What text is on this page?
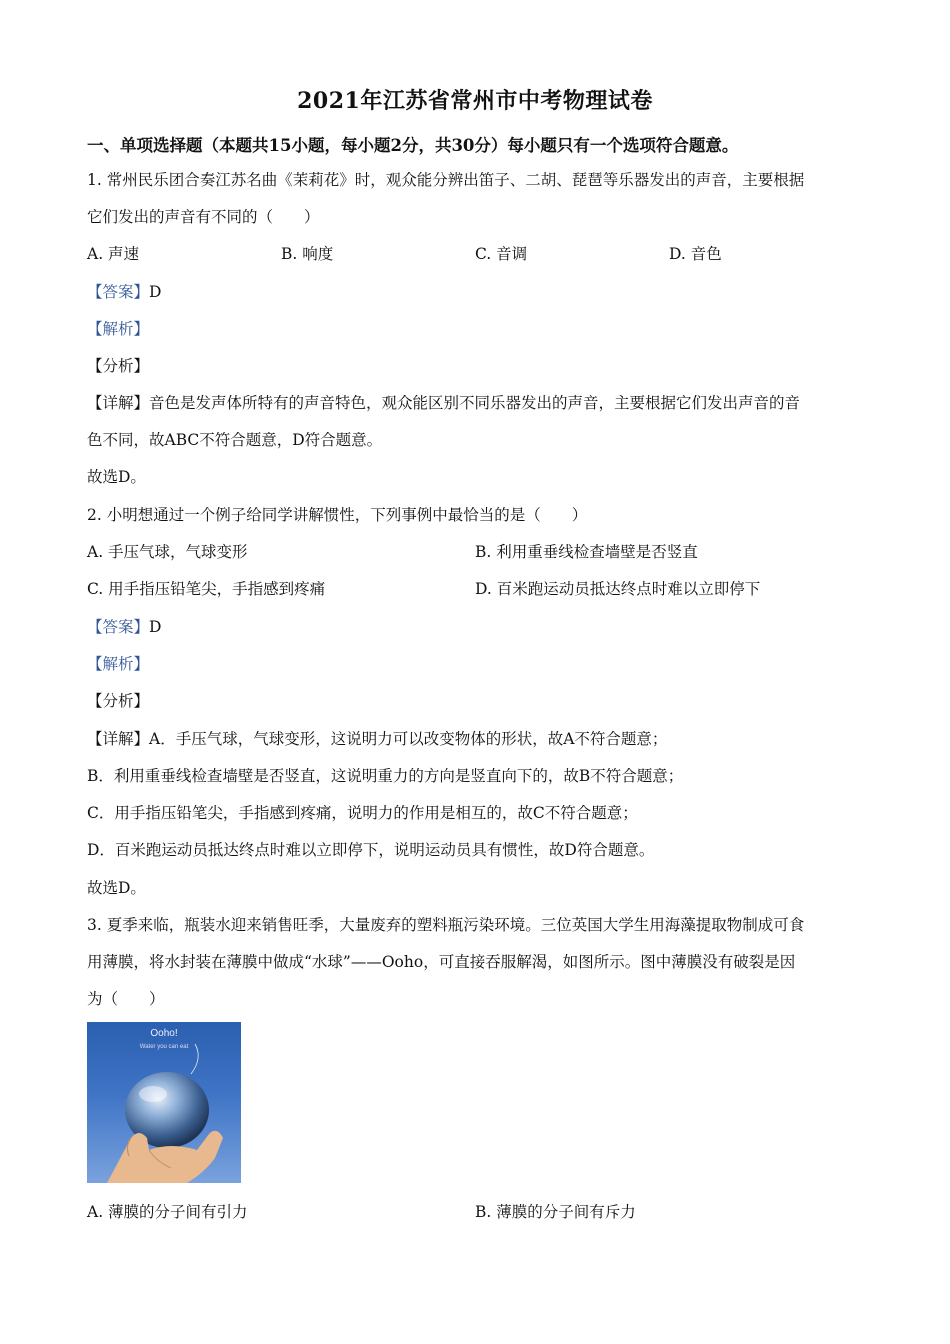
2021年江苏省常州市中考物理试卷
一、单项选择题（本题共15小题，每小题2分，共30分）每小题只有一个选项符合题意。
1. 常州民乐团合奏江苏名曲《茉莉花》时，观众能分辨出笛子、二胡、琵琶等乐器发出的声音，主要根据
它们发出的声音有不同的（　　）
A. 声速	B. 响度	C. 音调	D. 音色
【答案】D
【解析】
【分析】
【详解】音色是发声体所特有的声音特色，观众能区别不同乐器发出的声音，主要根据它们发出声音的音
色不同，故ABC不符合题意，D符合题意。
故选D。
2. 小明想通过一个例子给同学讲解惯性，下列事例中最恰当的是（　　）
A. 手压气球，气球变形	B. 利用重垂线检查墙壁是否竖直
C. 用手指压铅笔尖，手指感到疼痛	D. 百米跑运动员抵达终点时难以立即停下
【答案】D
【解析】
【分析】
【详解】A．手压气球，气球变形，这说明力可以改变物体的形状，故A不符合题意；
B．利用重垂线检查墙壁是否竖直，这说明重力的方向是竖直向下的，故B不符合题意；
C．用手指压铅笔尖，手指感到疼痛，说明力的作用是相互的，故C不符合题意；
D．百米跑运动员抵达终点时难以立即停下，说明运动员具有惯性，故D符合题意。
故选D。
3. 夏季来临，瓶装水迎来销售旺季，大量废弃的塑料瓶污染环境。三位英国大学生用海藻提取物制成可食
用薄膜，将水封装在薄膜中做成“水球”——Ooho，可直接吞服解渴，如图所示。图中薄膜没有破裂是因
为（　　）
Ooho!
Water you can eat
A. 薄膜的分子间有引力	B. 薄膜的分子间有斥力
